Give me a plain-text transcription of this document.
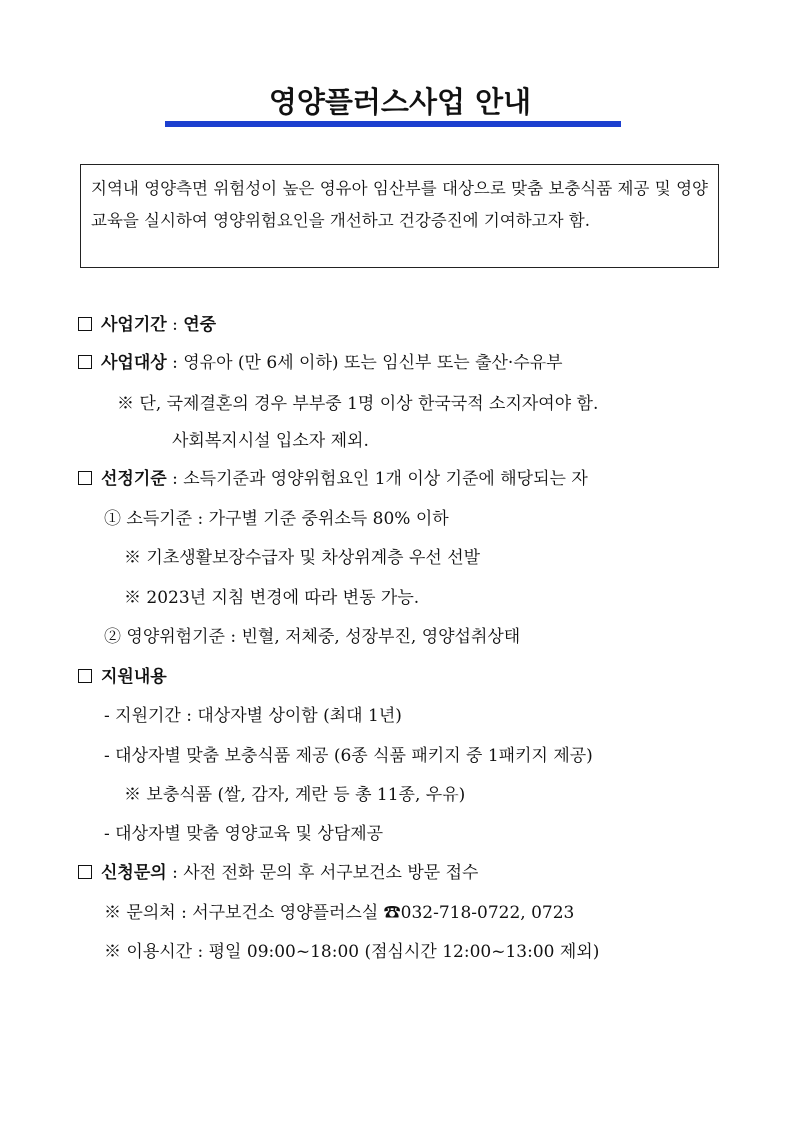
영양플러스사업 안내
지역내 영양측면 위험성이 높은 영유아 임산부를 대상으로 맞춤 보충식품 제공 및 영양교육을 실시하여 영양위험요인을 개선하고 건강증진에 기여하고자 함.
사업기간 : 연중
사업대상 : 영유아 (만 6세 이하) 또는 임신부 또는 출산·수유부
※ 단, 국제결혼의 경우 부부중 1명 이상 한국국적 소지자여야 함.
사회복지시설 입소자 제외.
선정기준 : 소득기준과 영양위험요인 1개 이상 기준에 해당되는 자
① 소득기준 : 가구별 기준 중위소득 80% 이하
※ 기초생활보장수급자 및 차상위계층 우선 선발
※ 2023년 지침 변경에 따라 변동 가능.
② 영양위험기준 : 빈혈, 저체중, 성장부진, 영양섭취상태
지원내용
- 지원기간 : 대상자별 상이함 (최대 1년)
- 대상자별 맞춤 보충식품 제공 (6종 식품 패키지 중 1패키지 제공)
※ 보충식품 (쌀, 감자, 계란 등 총 11종, 우유)
- 대상자별 맞춤 영양교육 및 상담제공
신청문의 : 사전 전화 문의 후 서구보건소 방문 접수
※ 문의처 : 서구보건소 영양플러스실 ☎032-718-0722, 0723
※ 이용시간 : 평일 09:00~18:00 (점심시간 12:00~13:00 제외)
